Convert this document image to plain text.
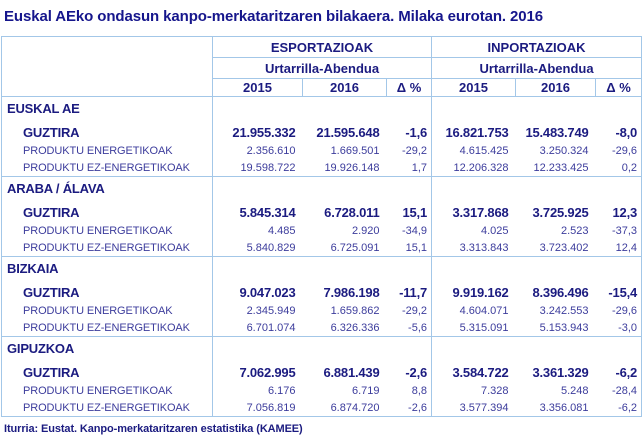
Euskal AEko ondasun kanpo-merkataritzaren bilakaera. Milaka eurotan. 2016
	ESPORTAZIOAK			INPORTAZIOAK		
	Urtarrilla-Abendua			Urtarrilla-Abendua		
	2015	2016	Δ %	2015	2016	Δ %
EUSKAL AE						
GUZTIRA	21.955.332	21.595.648	-1,6	16.821.753	15.483.749	-8,0
PRODUKTU ENERGETIKOAK	2.356.610	1.669.501	-29,2	4.615.425	3.250.324	-29,6
PRODUKTU EZ-ENERGETIKOAK	19.598.722	19.926.148	1,7	12.206.328	12.233.425	0,2
ARABA / ÁLAVA						
GUZTIRA	5.845.314	6.728.011	15,1	3.317.868	3.725.925	12,3
PRODUKTU ENERGETIKOAK	4.485	2.920	-34,9	4.025	2.523	-37,3
PRODUKTU EZ-ENERGETIKOAK	5.840.829	6.725.091	15,1	3.313.843	3.723.402	12,4
BIZKAIA						
GUZTIRA	9.047.023	7.986.198	-11,7	9.919.162	8.396.496	-15,4
PRODUKTU ENERGETIKOAK	2.345.949	1.659.862	-29,2	4.604.071	3.242.553	-29,6
PRODUKTU EZ-ENERGETIKOAK	6.701.074	6.326.336	-5,6	5.315.091	5.153.943	-3,0
GIPUZKOA						
GUZTIRA	7.062.995	6.881.439	-2,6	3.584.722	3.361.329	-6,2
PRODUKTU ENERGETIKOAK	6.176	6.719	8,8	7.328	5.248	-28,4
PRODUKTU EZ-ENERGETIKOAK	7.056.819	6.874.720	-2,6	3.577.394	3.356.081	-6,2
Iturria: Eustat. Kanpo-merkataritzaren estatistika (KAMEE)
